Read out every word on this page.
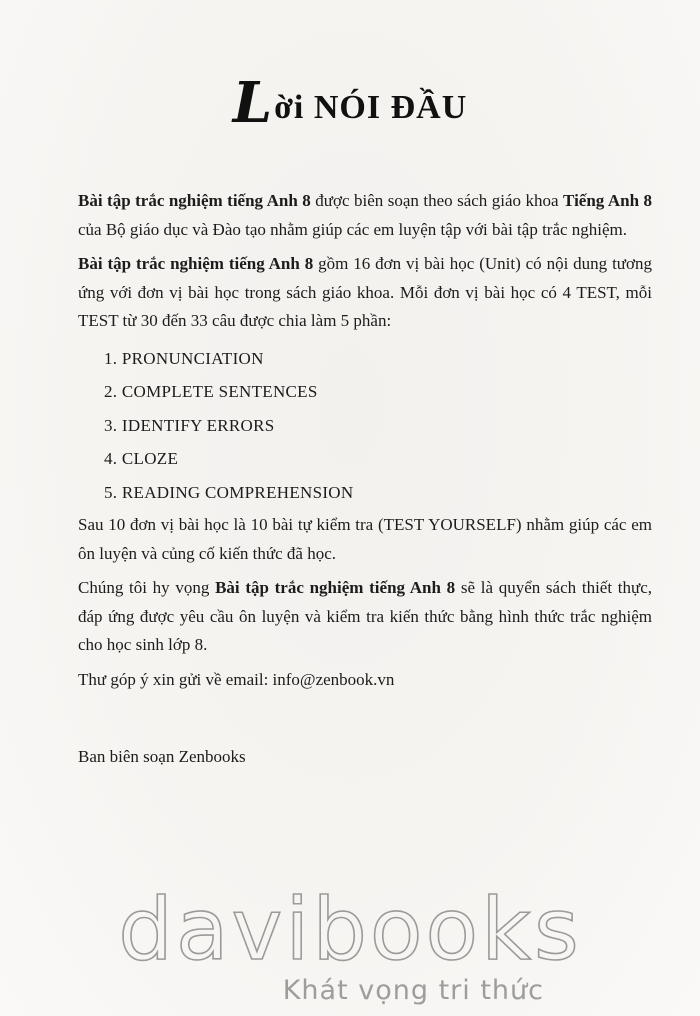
Lời NÓI ĐẦU

Bài tập trắc nghiệm tiếng Anh 8 được biên soạn theo sách giáo khoa Tiếng Anh 8 của Bộ giáo dục và Đào tạo nhằm giúp các em luyện tập với bài tập trắc nghiệm.

Bài tập trắc nghiệm tiếng Anh 8 gồm 16 đơn vị bài học (Unit) có nội dung tương ứng với đơn vị bài học trong sách giáo khoa. Mỗi đơn vị bài học có 4 TEST, mỗi TEST từ 30 đến 33 câu được chia làm 5 phần:

1. PRONUNCIATION
2. COMPLETE SENTENCES
3. IDENTIFY ERRORS
4. CLOZE
5. READING COMPREHENSION

Sau 10 đơn vị bài học là 10 bài tự kiểm tra (TEST YOURSELF) nhằm giúp các em ôn luyện và củng cố kiến thức đã học.

Chúng tôi hy vọng Bài tập trắc nghiệm tiếng Anh 8 sẽ là quyển sách thiết thực, đáp ứng được yêu cầu ôn luyện và kiểm tra kiến thức bằng hình thức trắc nghiệm cho học sinh lớp 8.

Thư góp ý xin gửi về email: info@zenbook.vn

Ban biên soạn Zenbooks
davibooks
Khát vọng tri thức
